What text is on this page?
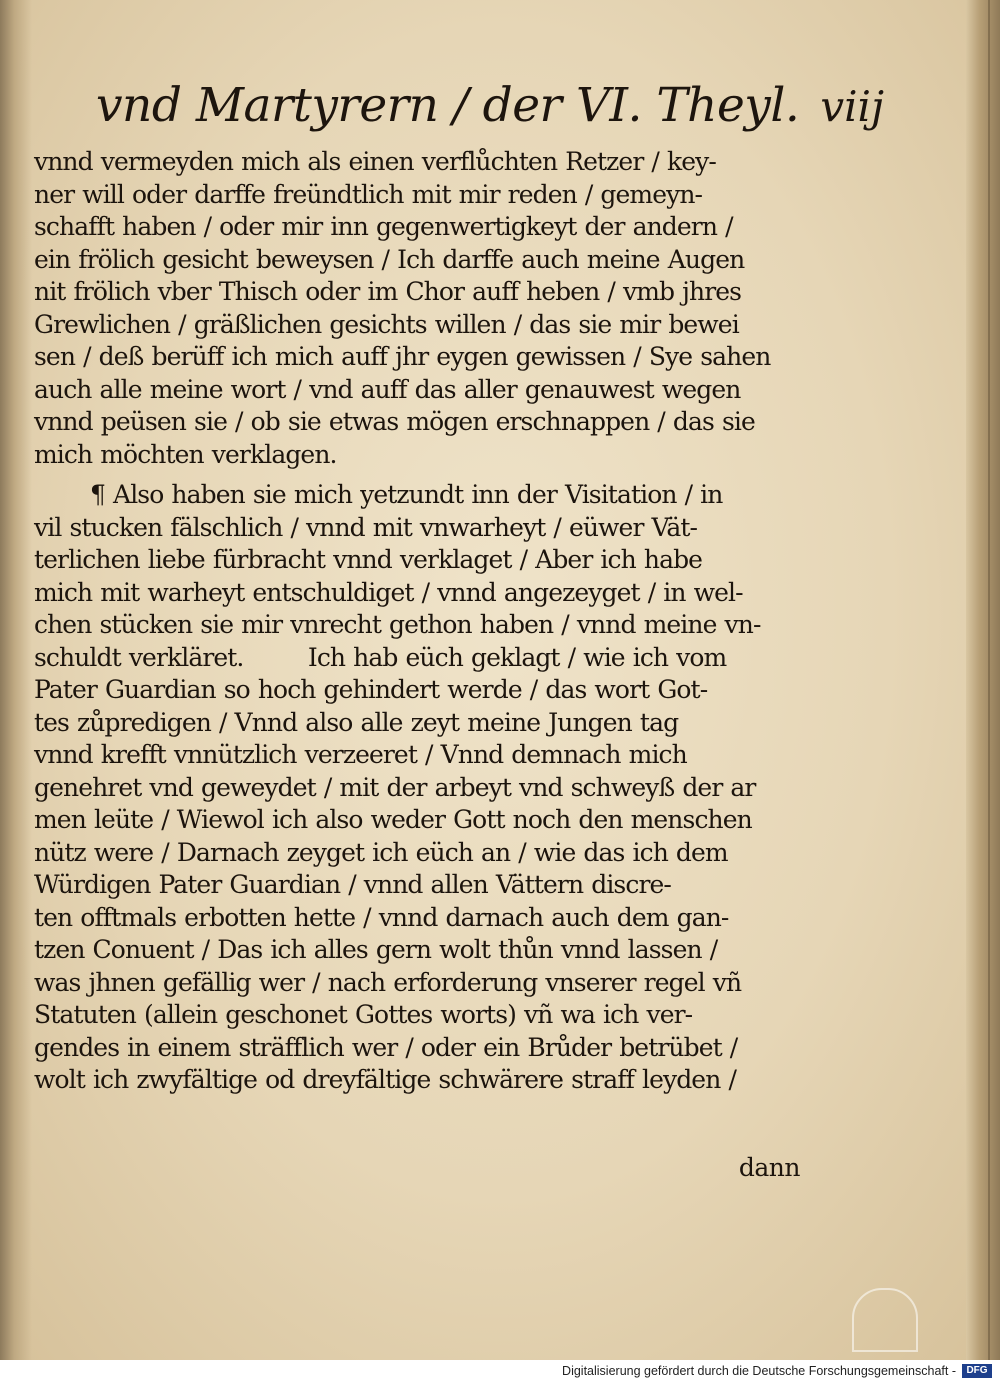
vnd Martyrern / der VI. Theyl. viij
vnnd vermeyden mich als einen verflůchten Retzer / key-
ner will oder darffe freündtlich mit mir reden / gemeyn-
schafft haben / oder mir inn gegenwertigkeyt der andern /
ein frölich gesicht beweysen / Ich darffe auch meine Augen
nit frölich vber Thisch oder im Chor auff heben / vmb jhres
Grewlichen / gräßlichen gesichts willen / das sie mir bewei
sen / deß berüff ich mich auff jhr eygen gewissen / Sye sahen
auch alle meine wort / vnd auff das aller genauwest wegen
vnnd peüsen sie / ob sie etwas mögen erschnappen / das sie
mich möchten verklagen.
¶ Also haben sie mich yetzundt inn der Visitation / in
vil stucken fälschlich / vnnd mit vnwarheyt / eüwer Vät-
terlichen liebe fürbracht vnnd verklaget / Aber ich habe
mich mit warheyt entschuldiget / vnnd angezeyget / in wel-
chen stücken sie mir vnrecht gethon haben / vnnd meine vn-
schuldt verkläret.        Ich hab eüch geklagt / wie ich vom
Pater Guardian so hoch gehindert werde / das wort Got-
tes zůpredigen / Vnnd also alle zeyt meine Jungen tag
vnnd krefft vnnützlich verzeeret / Vnnd demnach mich
genehret vnd geweydet / mit der arbeyt vnd schweyß der ar
men leüte / Wiewol ich also weder Gott noch den menschen
nütz were / Darnach zeyget ich eüch an / wie das ich dem
Würdigen Pater Guardian / vnnd allen Vättern discre-
ten offtmals erbotten hette / vnnd darnach auch dem gan-
tzen Conuent / Das ich alles gern wolt thůn vnnd lassen /
was jhnen gefällig wer / nach erforderung vnserer regel vñ
Statuten (allein geschonet Gottes worts) vñ wa ich ver-
gendes in einem sträfflich wer / oder ein Brůder betrübet /
wolt ich zwyfältige od dreyfältige schwärere straff leyden /
dann
Digitalisierung gefördert durch die Deutsche Forschungsgemeinschaft -	DFG
